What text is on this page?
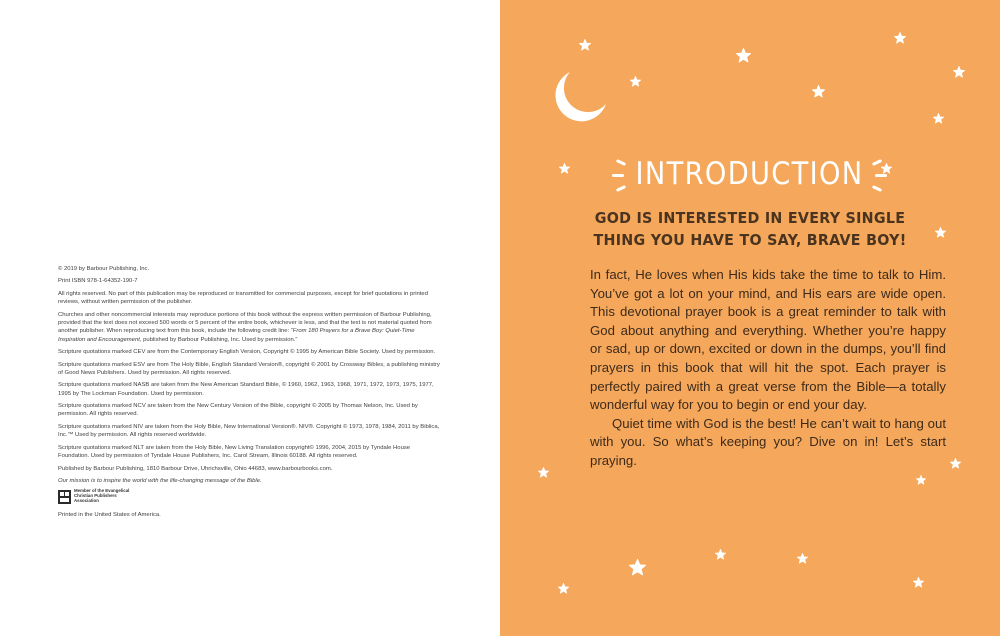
© 2019 by Barbour Publishing, Inc.

Print ISBN 978-1-64352-190-7

All rights reserved. No part of this publication may be reproduced or transmitted for commercial purposes, except for brief quotations in printed reviews, without written permission of the publisher.

Churches and other noncommercial interests may reproduce portions of this book without the express written permission of Barbour Publishing, provided that the text does not exceed 500 words or 5 percent of the entire book, whichever is less, and that the text is not material quoted from another publisher. When reproducing text from this book, include the following credit line: “From 180 Prayers for a Brave Boy: Quiet-Time Inspiration and Encouragement, published by Barbour Publishing, Inc. Used by permission.”

Scripture quotations marked CEV are from the Contemporary English Version, Copyright © 1995 by American Bible Society. Used by permission.

Scripture quotations marked ESV are from The Holy Bible, English Standard Version®, copyright © 2001 by Crossway Bibles, a publishing ministry of Good News Publishers. Used by permission. All rights reserved.

Scripture quotations marked NASB are taken from the New American Standard Bible, © 1960, 1962, 1963, 1968, 1971, 1972, 1973, 1975, 1977, 1995 by The Lockman Foundation. Used by permission.

Scripture quotations marked NCV are taken from the New Century Version of the Bible, copyright © 2005 by Thomas Nelson, Inc. Used by permission. All rights reserved.

Scripture quotations marked NIV are taken from the Holy Bible, New International Version®. NIV®. Copyright © 1973, 1978, 1984, 2011 by Biblica, Inc.™ Used by permission. All rights reserved worldwide.

Scripture quotations marked NLT are taken from the Holy Bible, New Living Translation copyright© 1996, 2004, 2015 by Tyndale House Foundation. Used by permission of Tyndale House Publishers, Inc. Carol Stream, Illinois 60188. All rights reserved.

Published by Barbour Publishing, 1810 Barbour Drive, Uhrichsville, Ohio 44683, www.barbourbooks.com.

Our mission is to inspire the world with the life-changing message of the Bible.

Member of the Evangelical Christian Publishers Association

Printed in the United States of America.

INTRODUCTION
GOD IS INTERESTED IN EVERY SINGLE
THING YOU HAVE TO SAY, BRAVE BOY!

In fact, He loves when His kids take the time to talk to Him. You’ve got a lot on your mind, and His ears are wide open. This devotional prayer book is a great reminder to talk with God about anything and everything. Whether you’re happy or sad, up or down, excited or down in the dumps, you’ll find prayers in this book that will hit the spot. Each prayer is perfectly paired with a great verse from the Bible—a totally wonderful way for you to begin or end your day.

Quiet time with God is the best! He can’t wait to hang out with you. So what’s keeping you? Dive on in! Let’s start praying.
